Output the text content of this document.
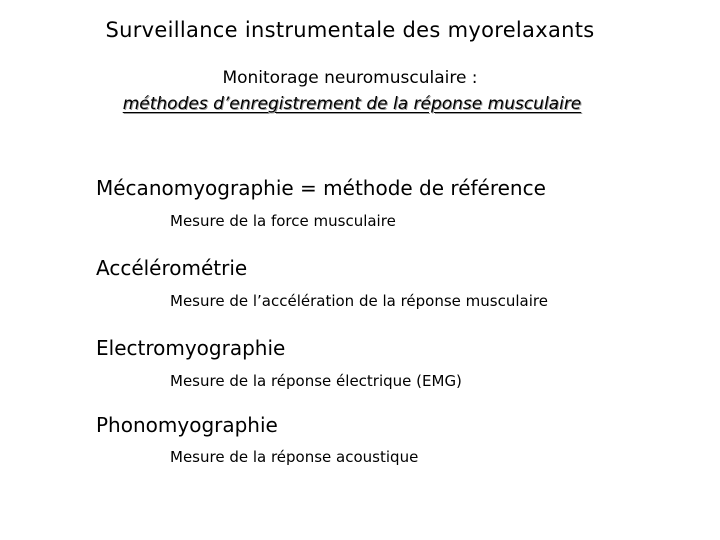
Surveillance instrumentale des myorelaxants
Monitorage neuromusculaire :
méthodes d’enregistrement de la réponse musculaire
Mécanomyographie = méthode de référence
Mesure de la force musculaire
Accélérométrie
Mesure de l’accélération de la réponse musculaire
Electromyographie
Mesure de la réponse électrique (EMG)
Phonomyographie
Mesure de la réponse acoustique
